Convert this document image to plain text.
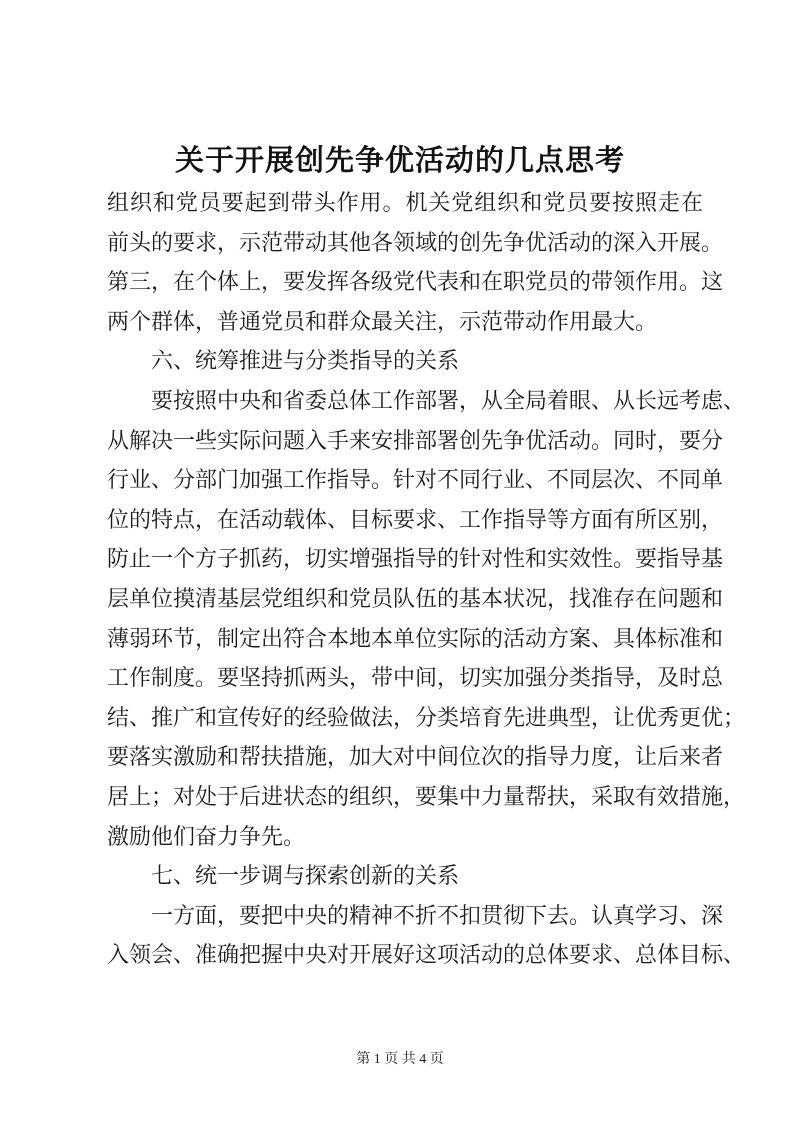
关于开展创先争优活动的几点思考

组织和党员要起到带头作用。机关党组织和党员要按照走在
前头的要求，示范带动其他各领域的创先争优活动的深入开展。
第三，在个体上，要发挥各级党代表和在职党员的带领作用。这
两个群体，普通党员和群众最关注，示范带动作用最大。

六、统筹推进与分类指导的关系

要按照中央和省委总体工作部署，从全局着眼、从长远考虑、
从解决一些实际问题入手来安排部署创先争优活动。同时，要分
行业、分部门加强工作指导。针对不同行业、不同层次、不同单
位的特点，在活动载体、目标要求、工作指导等方面有所区别，
防止一个方子抓药，切实增强指导的针对性和实效性。要指导基
层单位摸清基层党组织和党员队伍的基本状况，找准存在问题和
薄弱环节，制定出符合本地本单位实际的活动方案、具体标准和
工作制度。要坚持抓两头，带中间，切实加强分类指导，及时总
结、推广和宣传好的经验做法，分类培育先进典型，让优秀更优；
要落实激励和帮扶措施，加大对中间位次的指导力度，让后来者
居上；对处于后进状态的组织，要集中力量帮扶，采取有效措施，
激励他们奋力争先。

七、统一步调与探索创新的关系

一方面，要把中央的精神不折不扣贯彻下去。认真学习、深
入领会、准确把握中央对开展好这项活动的总体要求、总体目标、

第 1 页 共 4 页
